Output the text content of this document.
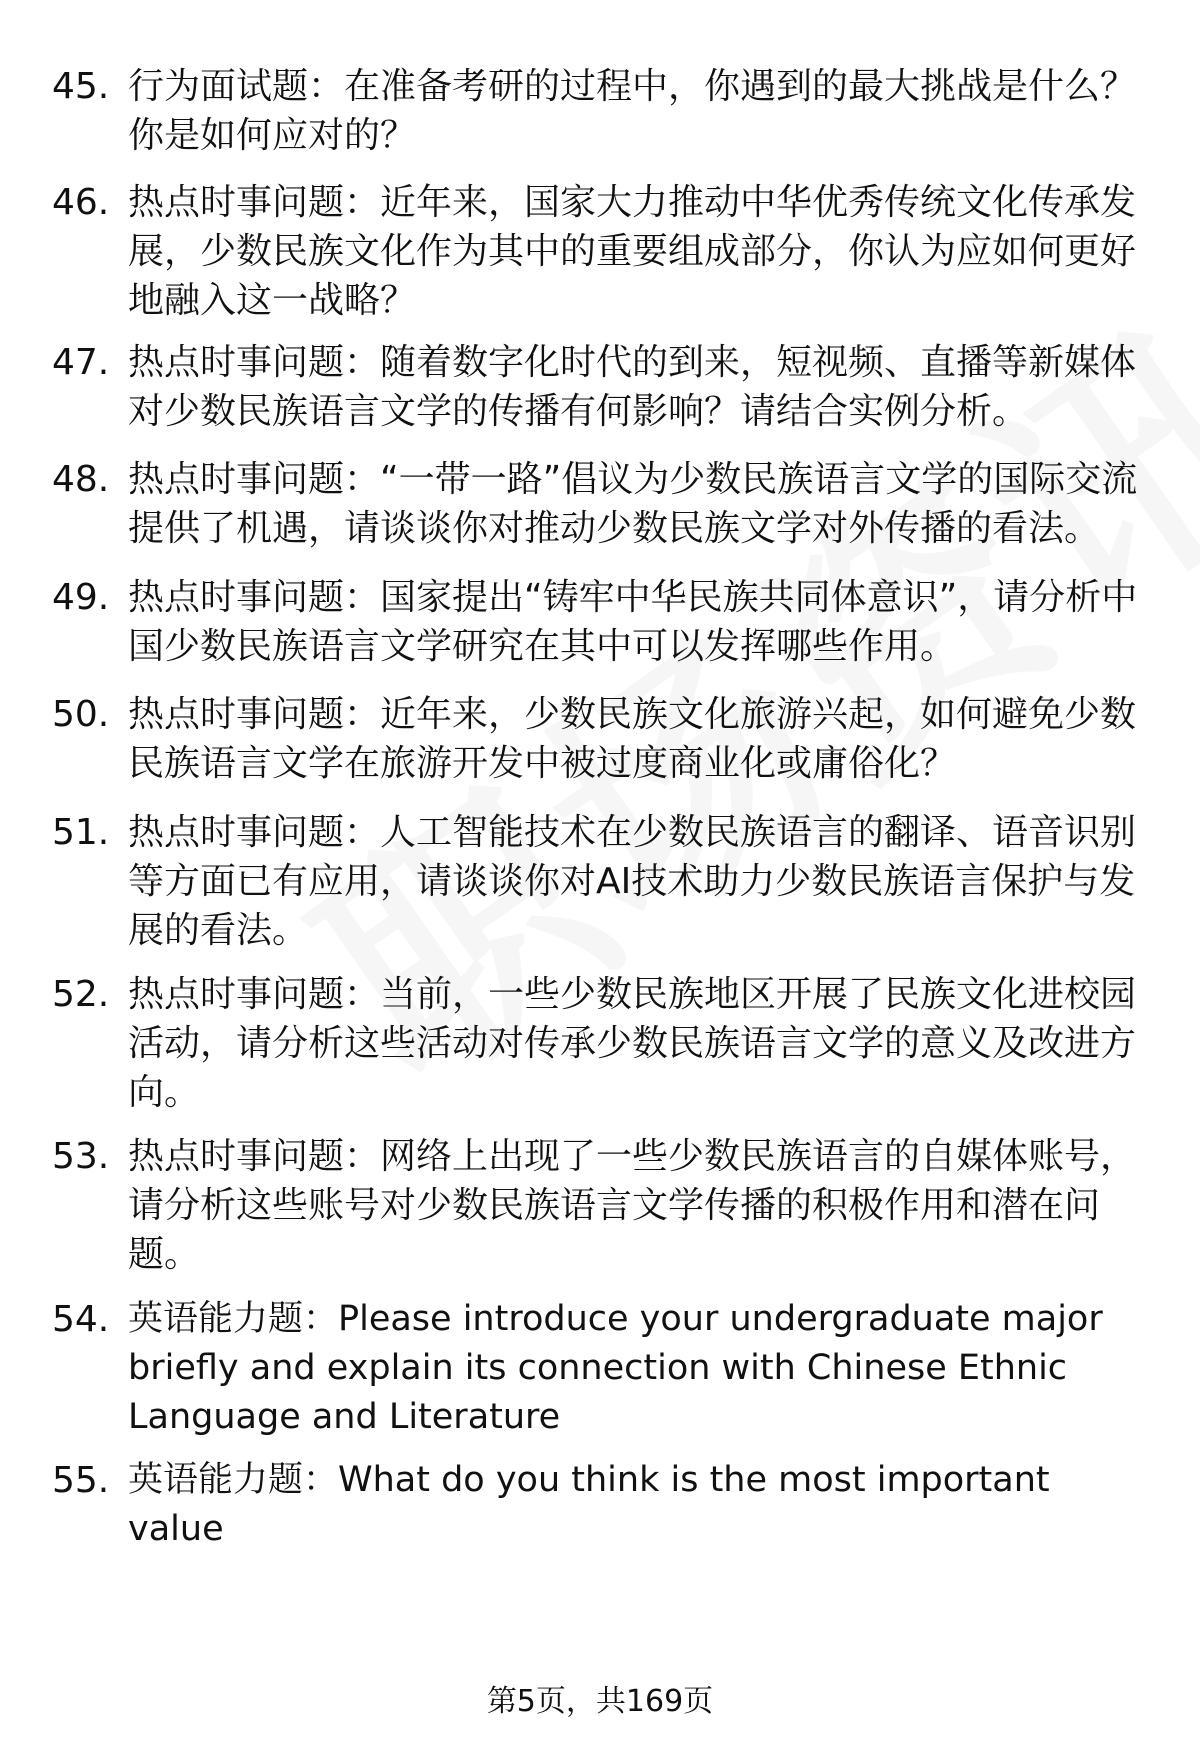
45. 行为面试题：在准备考研的过程中，你遇到的最大挑战是什么？你是如何应对的？
46. 热点时事问题：近年来，国家大力推动中华优秀传统文化传承发展，少数民族文化作为其中的重要组成部分，你认为应如何更好地融入这一战略？
47. 热点时事问题：随着数字化时代的到来，短视频、直播等新媒体对少数民族语言文学的传播有何影响？请结合实例分析。
48. 热点时事问题：“一带一路”倡议为少数民族语言文学的国际交流提供了机遇，请谈谈你对推动少数民族文学对外传播的看法。
49. 热点时事问题：国家提出“铸牢中华民族共同体意识”，请分析中国少数民族语言文学研究在其中可以发挥哪些作用。
50. 热点时事问题：近年来，少数民族文化旅游兴起，如何避免少数民族语言文学在旅游开发中被过度商业化或庸俗化？
51. 热点时事问题：人工智能技术在少数民族语言的翻译、语音识别等方面已有应用，请谈谈你对AI技术助力少数民族语言保护与发展的看法。
52. 热点时事问题：当前，一些少数民族地区开展了民族文化进校园活动，请分析这些活动对传承少数民族语言文学的意义及改进方向。
53. 热点时事问题：网络上出现了一些少数民族语言的自媒体账号，请分析这些账号对少数民族语言文学传播的积极作用和潜在问题。
54. 英语能力题：Please introduce your undergraduate major briefly and explain its connection with Chinese Ethnic Language and Literature
55. 英语能力题：What do you think is the most important value
第5页，共169页
